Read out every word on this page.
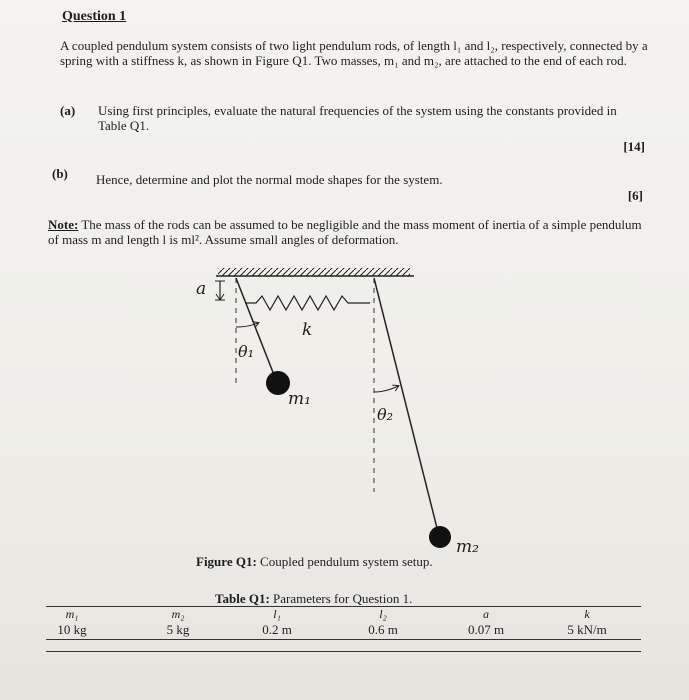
Question 1

A coupled pendulum system consists of two light pendulum rods, of length l₁ and l₂, respectively, connected by a spring with a stiffness k, as shown in Figure Q1. Two masses, m₁ and m₂, are attached to the end of each rod.

(a) Using first principles, evaluate the natural frequencies of the system using the constants provided in Table Q1.

[14]

(b) Hence, determine and plot the normal mode shapes for the system.

[6]

Note: The mass of the rods can be assumed to be negligible and the mass moment of inertia of a simple pendulum of mass m and length l is ml². Assume small angles of deformation.

a
θ₁
m₁
k
θ₂
m₂

Figure Q1: Coupled pendulum system setup.

Table Q1: Parameters for Question 1.

m₁	m₂	l₁	l₂	a	k
10 kg	5 kg	0.2 m	0.6 m	0.07 m	5 kN/m
